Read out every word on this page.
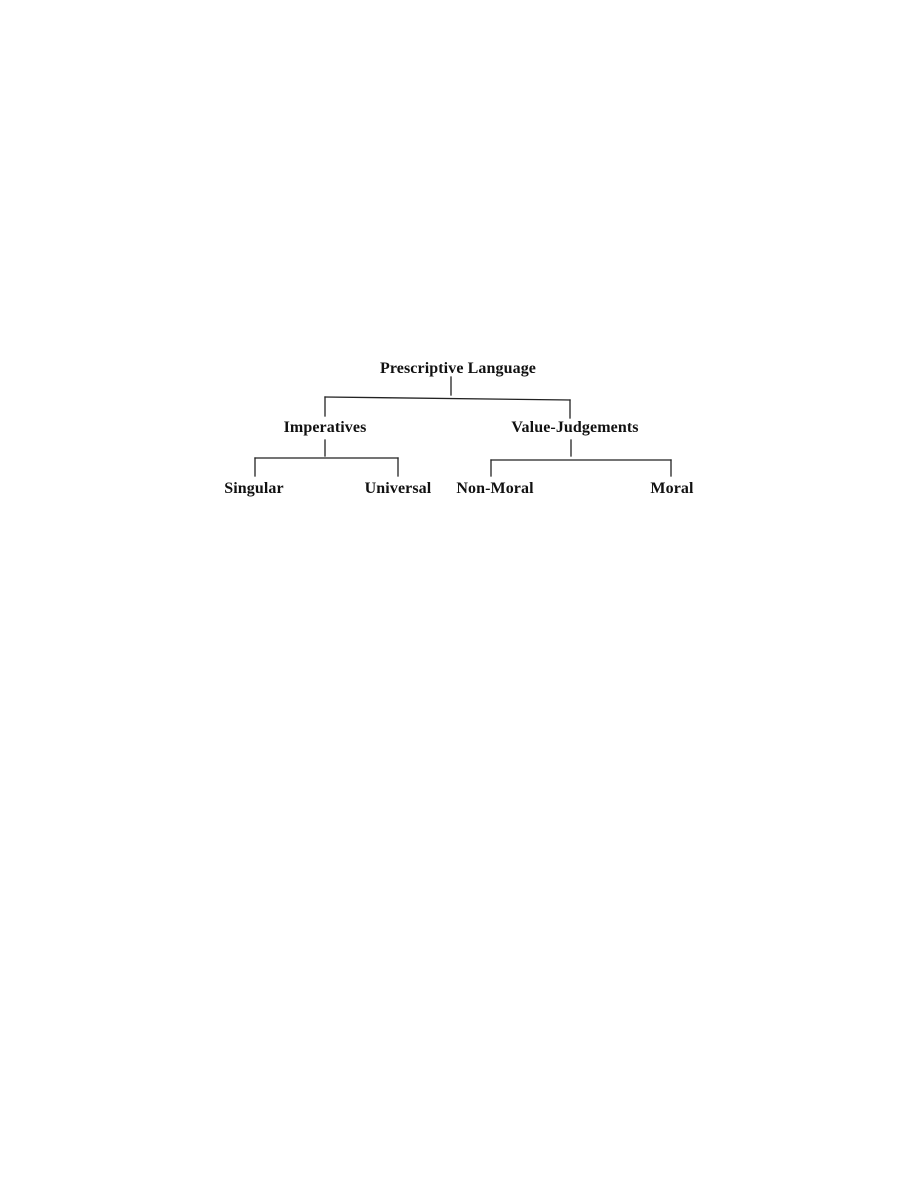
Prescriptive Language
Imperatives	Value-Judgements
Singular	Universal Non-Moral	Moral
